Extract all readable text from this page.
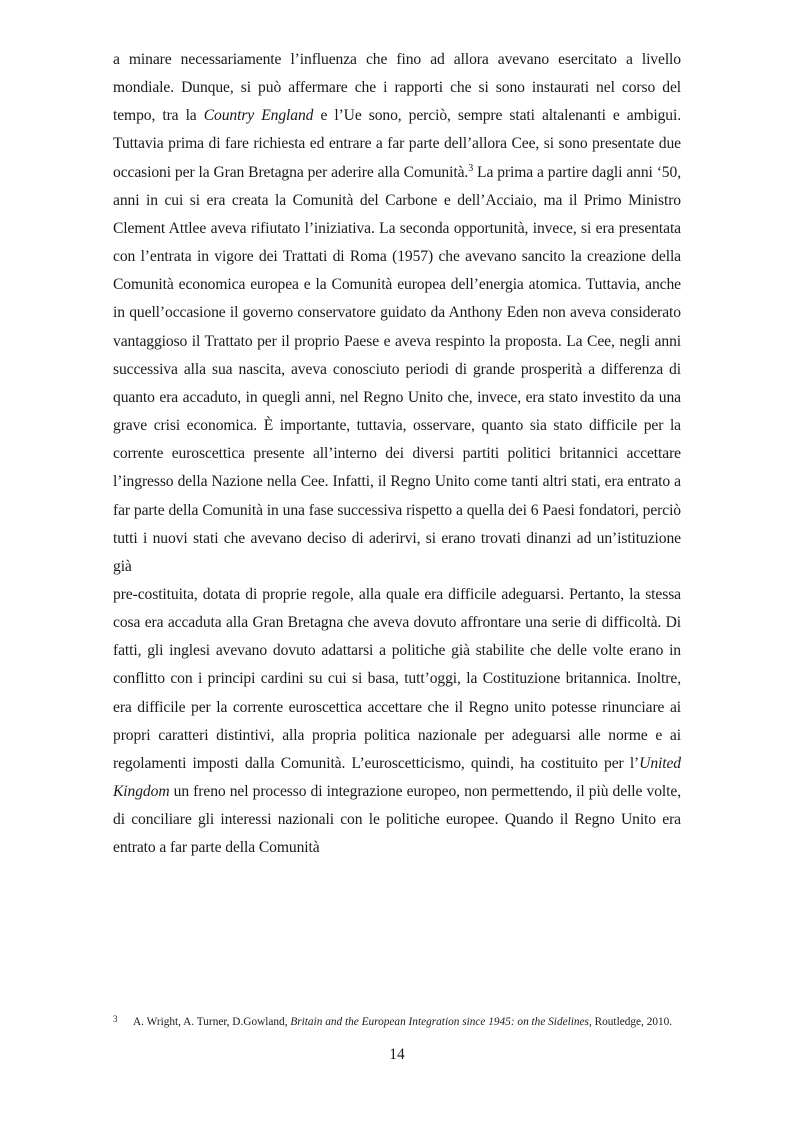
a minare necessariamente l’influenza che fino ad allora avevano esercitato a livello mondiale. Dunque, si può affermare che i rapporti che si sono instaurati nel corso del tempo, tra la Country England e l’Ue sono, perciò, sempre stati altalenanti e ambigui. Tuttavia prima di fare richiesta ed entrare a far parte dell’allora Cee, si sono presentate due occasioni per la Gran Bretagna per aderire alla Comunità.$^3$ La prima a partire dagli anni ‘50, anni in cui si era creata la Comunità del Carbone e dell’Acciaio, ma il Primo Ministro Clement Attlee aveva rifiutato l’iniziativa. La seconda opportunità, invece, si era presentata con l’entrata in vigore dei Trattati di Roma (1957) che avevano sancito la creazione della Comunità economica europea e la Comunità europea dell’energia atomica. Tuttavia, anche in quell’occasione il governo conservatore guidato da Anthony Eden non aveva considerato vantaggioso il Trattato per il proprio Paese e aveva respinto la proposta. La Cee, negli anni successiva alla sua nascita, aveva conosciuto periodi di grande prosperità a differenza di quanto era accaduto, in quegli anni, nel Regno Unito che, invece, era stato investito da una grave crisi economica. È importante, tuttavia, osservare, quanto sia stato difficile per la corrente euroscettica presente all’interno dei diversi partiti politici britannici accettare l’ingresso della Nazione nella Cee. Infatti, il Regno Unito come tanti altri stati, era entrato a far parte della Comunità in una fase successiva rispetto a quella dei 6 Paesi fondatori, perciò tutti i nuovi stati che avevano deciso di aderirvi, si erano trovati dinanzi ad un’istituzione già

pre-costituita, dotata di proprie regole, alla quale era difficile adeguarsi. Pertanto, la stessa cosa era accaduta alla Gran Bretagna che aveva dovuto affrontare una serie di difficoltà. Di fatti, gli inglesi avevano dovuto adattarsi a politiche già stabilite che delle volte erano in conflitto con i principi cardini su cui si basa, tutt’oggi, la Costituzione britannica. Inoltre, era difficile per la corrente euroscettica accettare che il Regno unito potesse rinunciare ai propri caratteri distintivi, alla propria politica nazionale per adeguarsi alle norme e ai regolamenti imposti dalla Comunità. L’euroscetticismo, quindi, ha costituito per l’United Kingdom un freno nel processo di integrazione europeo, non permettendo, il più delle volte, di conciliare gli interessi nazionali con le politiche europee. Quando il Regno Unito era entrato a far parte della Comunità

3 A. Wright, A. Turner, D.Gowland, Britain and the European Integration since 1945: on the Sidelines, Routledge, 2010.
14
